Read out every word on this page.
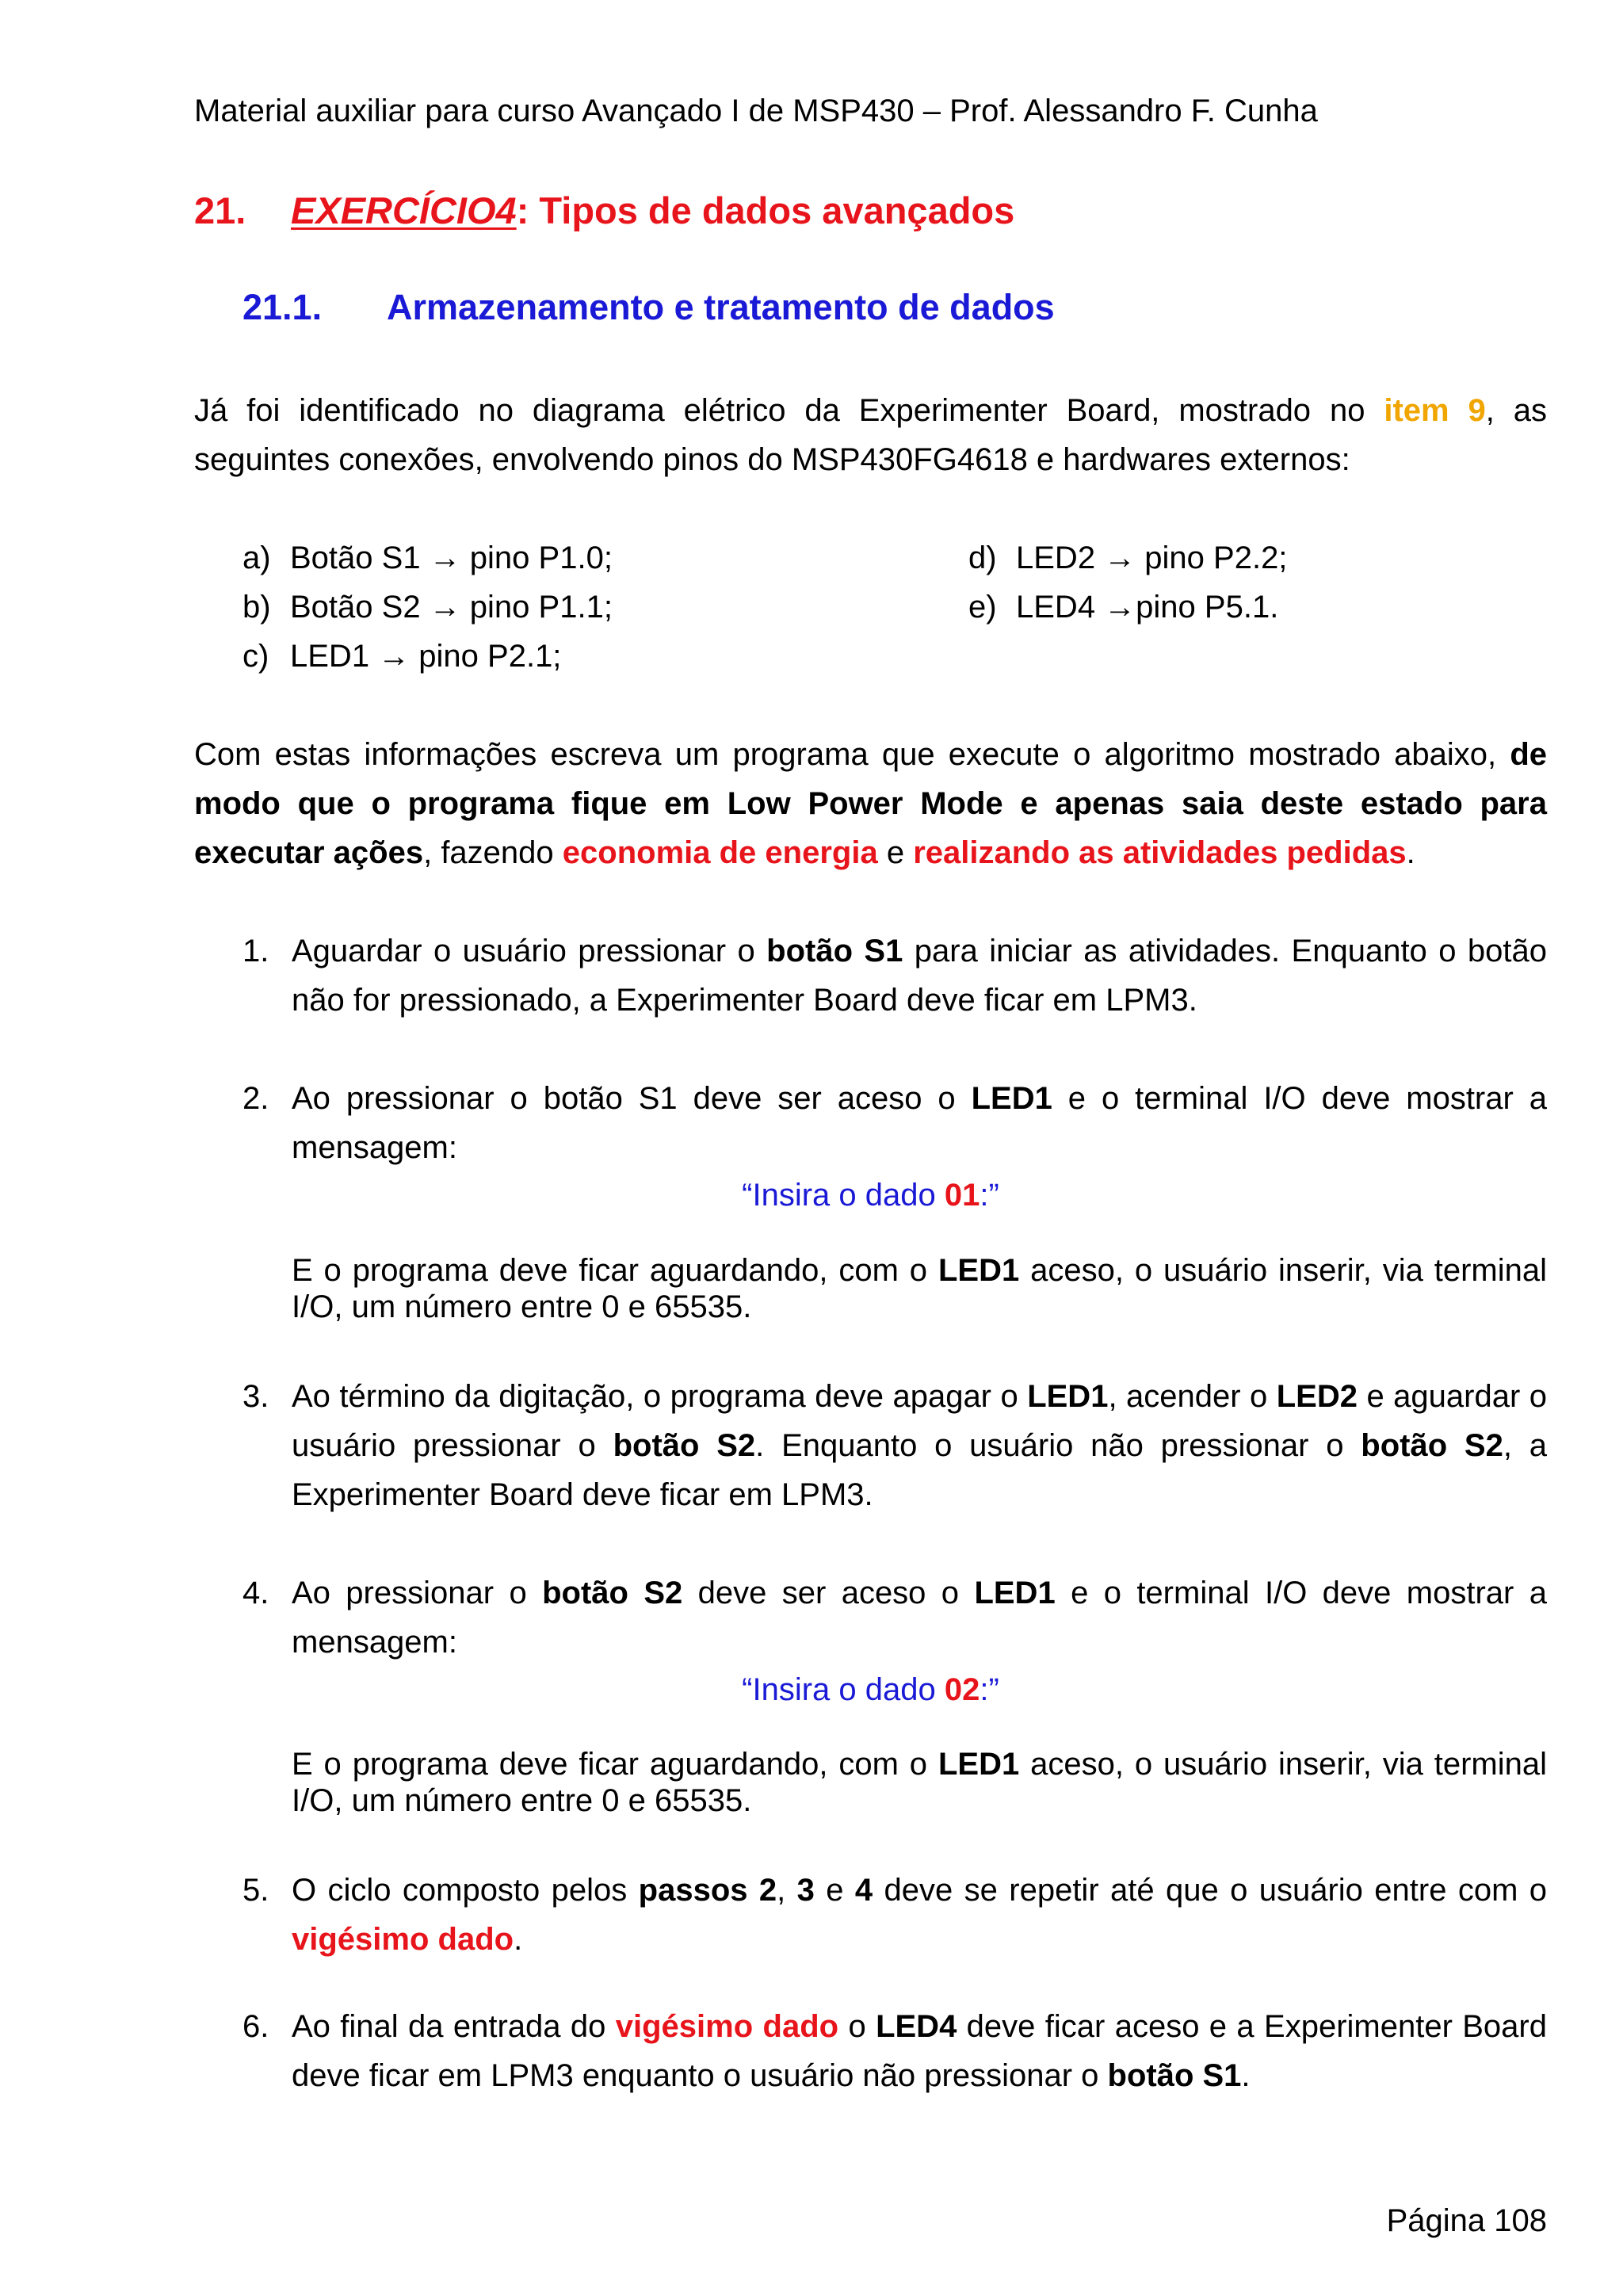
Material auxiliar para curso Avançado I de MSP430 – Prof. Alessandro F. Cunha
21. EXERCÍCIO4: Tipos de dados avançados
21.1. Armazenamento e tratamento de dados
Já foi identificado no diagrama elétrico da Experimenter Board, mostrado no item 9, as seguintes conexões, envolvendo pinos do MSP430FG4618 e hardwares externos:
a) Botão S1 → pino P1.0;
b) Botão S2 → pino P1.1;
c) LED1 → pino P2.1;
d) LED2 → pino P2.2;
e) LED4 →pino P5.1.
Com estas informações escreva um programa que execute o algoritmo mostrado abaixo, de modo que o programa fique em Low Power Mode e apenas saia deste estado para executar ações, fazendo economia de energia e realizando as atividades pedidas.
1. Aguardar o usuário pressionar o botão S1 para iniciar as atividades. Enquanto o botão não for pressionado, a Experimenter Board deve ficar em LPM3.
2. Ao pressionar o botão S1 deve ser aceso o LED1 e o terminal I/O deve mostrar a mensagem:
“Insira o dado 01:”
E o programa deve ficar aguardando, com o LED1 aceso, o usuário inserir, via terminal I/O, um número entre 0 e 65535.
3. Ao término da digitação, o programa deve apagar o LED1, acender o LED2 e aguardar o usuário pressionar o botão S2. Enquanto o usuário não pressionar o botão S2, a Experimenter Board deve ficar em LPM3.
4. Ao pressionar o botão S2 deve ser aceso o LED1 e o terminal I/O deve mostrar a mensagem:
“Insira o dado 02:”
E o programa deve ficar aguardando, com o LED1 aceso, o usuário inserir, via terminal I/O, um número entre 0 e 65535.
5. O ciclo composto pelos passos 2, 3 e 4 deve se repetir até que o usuário entre com o vigésimo dado.
6. Ao final da entrada do vigésimo dado o LED4 deve ficar aceso e a Experimenter Board deve ficar em LPM3 enquanto o usuário não pressionar o botão S1.
Página 108
